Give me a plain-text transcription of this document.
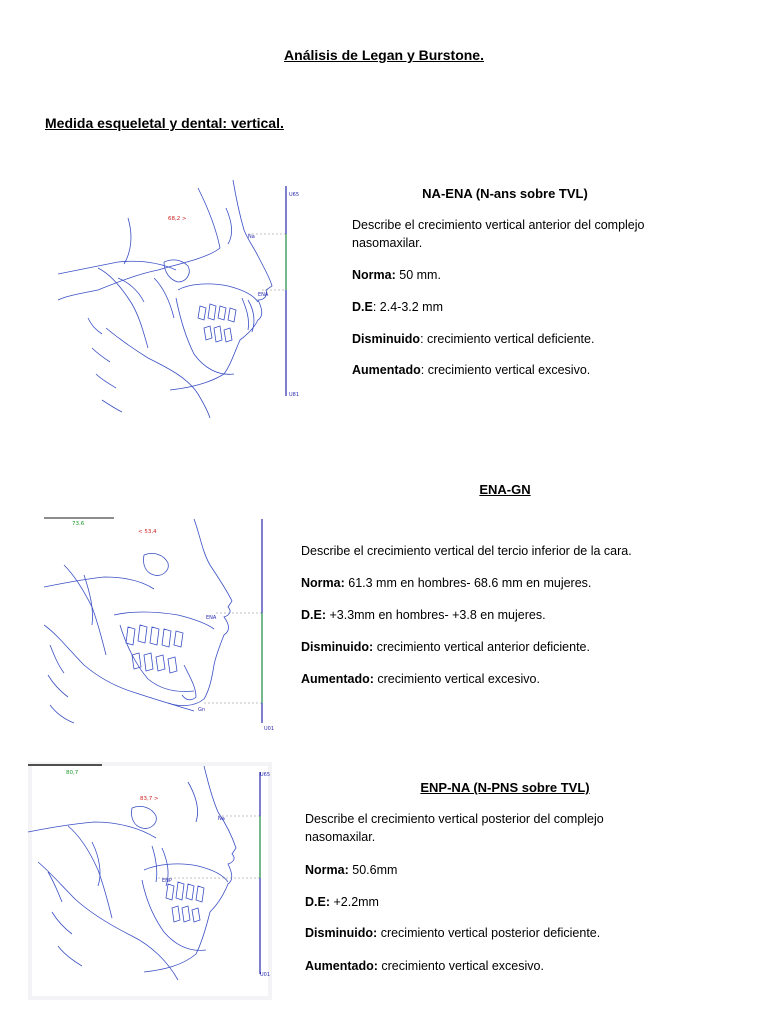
Análisis de Legan y Burstone.
Medida esqueletal y dental: vertical.
68,2 >
U65
U81
Na
ENA
NA-ENA (N-ans sobre TVL)
Describe el crecimiento vertical anterior del complejo nasomaxilar.
Norma: 50 mm.
D.E: 2.4-3.2 mm
Disminuido: crecimiento vertical deficiente.
Aumentado: crecimiento vertical excesivo.
73.6
< 53,4
U01
ENA
Gn
ENA-GN
Describe el crecimiento vertical del tercio inferior de la cara.
Norma: 61.3 mm en hombres- 68.6 mm en mujeres.
D.E: +3.3mm en hombres- +3.8 en mujeres.
Disminuido: crecimiento vertical anterior deficiente.
Aumentado: crecimiento vertical excesivo.
80,7
83,7 >
U65
U01
Na
ENP
ENP-NA (N-PNS sobre TVL)
Describe el crecimiento vertical posterior del complejo nasomaxilar.
Norma: 50.6mm
D.E: +2.2mm
Disminuido: crecimiento vertical posterior deficiente.
Aumentado: crecimiento vertical excesivo.
